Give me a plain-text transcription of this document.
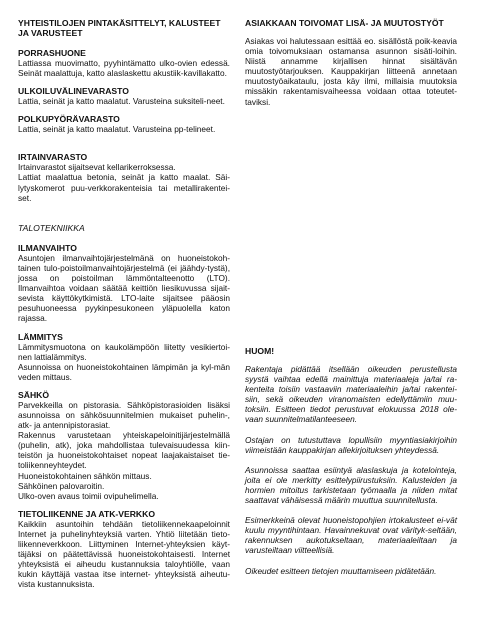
YHTEISTILOJEN PINTAKÄSITTELYT, KALUSTEET JA VARUSTEET
PORRASHUONE

Lattiassa muovimatto, pyyhintämatto ulko-ovien edessä. Seinät maalattuja, katto alaslaskettu akustiik-kavillakatto.

ULKOILUVÄLINEVARASTO

Lattia, seinät ja katto maalatut. Varusteina suksiteli-neet.

POLKUPYÖRÄVARASTO

Lattia, seinät ja katto maalatut. Varusteina pp-telineet.

IRTAINVARASTO

Irtainvarastot sijaitsevat kellarikerroksessa.
Lattiat maalattua betonia, seinät ja katto maalat. Säi-lytyskomerot puu-verkkorakenteisia tai metallirakentei-set.

TALOTEKNIIKKA

ILMANVAIHTO

Asuntojen ilmanvaihtojärjestelmänä on huoneistokoh-tainen tulo-poistoilmanvaihtojärjestelmä (ei jäähdy-tystä), jossa on poistoilman lämmöntalteenotto (LTO). Ilmanvaihtoa voidaan säätää keittiön liesikuvussa sijait-sevista käyttökytkimistä. LTO-laite sijaitsee pääosin pesuhuoneessa pyykinpesukoneen yläpuolella katon rajassa.

LÄMMITYS

Lämmitysmuotona on kaukolämpöön liitetty vesikiertoi-nen lattialämmitys.
Asunnoissa on huoneistokohtainen lämpimän ja kyl-män veden mittaus.

SÄHKÖ

Parvekkeilla on pistorasia. Sähköpistorasioiden lisäksi asunnoissa on sähkösuunnitelmien mukaiset puhelin-, atk- ja antennipistorasiat.
Rakennus varustetaan yhteiskapeloinitijärjestelmällä (puhelin, atk), joka mahdollistaa tulevaisuudessa kiin-teistön ja huoneistokohtaiset nopeat laajakaistaiset tie-toliikenneyhteydet.
Huoneistokohtainen sähkön mittaus.
Sähköinen palovaroitin.
Ulko-oven avaus toimii ovipuhelimella.

TIETOLIIKENNE JA ATK-VERKKO

Kaikkiin asuntoihin tehdään tietoliikennekaapeloinnit Internet ja puhelinyhteyksiä varten. Yhtiö liitetään tieto-liikenneverkkoon. Liittyminen Internet-yhteyksien käyt-täjäksi on päätettävissä huoneistokohtaisesti. Internet yhteyksistä ei aiheudu kustannuksia taloyhtiölle, vaan kukin käyttäjä vastaa itse internet- yhteyksistä aiheutu-vista kustannuksista.

ASIAKKAAN TOIVOMAT LISÄ- JA MUUTOSTYÖT

Asiakas voi halutessaan esittää eo. sisällöstä poik-keavia omia toivomuksiaan ostamansa asunnon sisäti-loihin. Niistä annamme kirjallisen hinnat sisältävän muutostyötarjouksen. Kauppakirjan liitteenä annetaan muutostyöaikataulu, josta käy ilmi, millaisia muutoksia missäkin rakentamisvaiheessa voidaan ottaa toteutet-taviksi.

HUOM!

Rakentaja pidättää itsellään oikeuden perustellusta syystä vaihtaa edellä mainittuja materiaaleja ja/tai ra-kenteita toisiin vastaaviin materiaaleihin ja/tai rakentei-siin, sekä oikeuden viranomaisten edellyttämiin muu-toksiin. Esitteen tiedot perustuvat elokuussa 2018 ole-vaan suunnitelmatilanteeseen.

Ostajan on tutustuttava lopullisiin myyntiasiakirjoihin viimeistään kauppakirjan allekirjoituksen yhteydessä.

Asunnoissa saattaa esiintyä alaslaskuja ja kotelointeja, joita ei ole merkitty esittelypiirustuksiin. Kalusteiden ja hormien mitoitus tarkistetaan työmaalla ja niiden mitat saattavat vähäisessä määrin muuttua suunnitellusta.

Esimerkkeinä olevat huoneistopohjien irtokalusteet ei-vät kuulu myyntihintaan. Havainnekuvat ovat värityk-seltään, rakennuksen aukotukseltaan, materiaaleiltaan ja varusteiltaan viitteellisiä.

Oikeudet esitteen tietojen muuttamiseen pidätetään.
